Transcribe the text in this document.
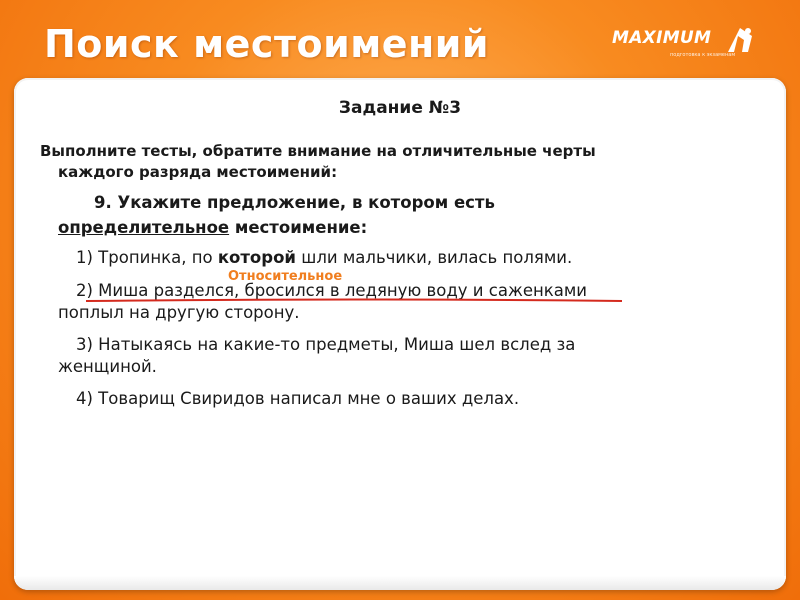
Поиск местоимений	MAXIMUM
подготовка к экзаменам
Задание №3
Выполните тесты, обратите внимание на отличительные черты
каждого разряда местоимений:
9. Укажите предложение, в котором есть
определительное местоимение:
1) Тропинка, по которой шли мальчики, вилась полями.
Относительное
2) Миша разделся, бросился в ледяную воду и саженками
поплыл на другую сторону.
3) Натыкаясь на какие-то предметы, Миша шел вслед за
женщиной.
4) Товарищ Свиридов написал мне о ваших делах.
